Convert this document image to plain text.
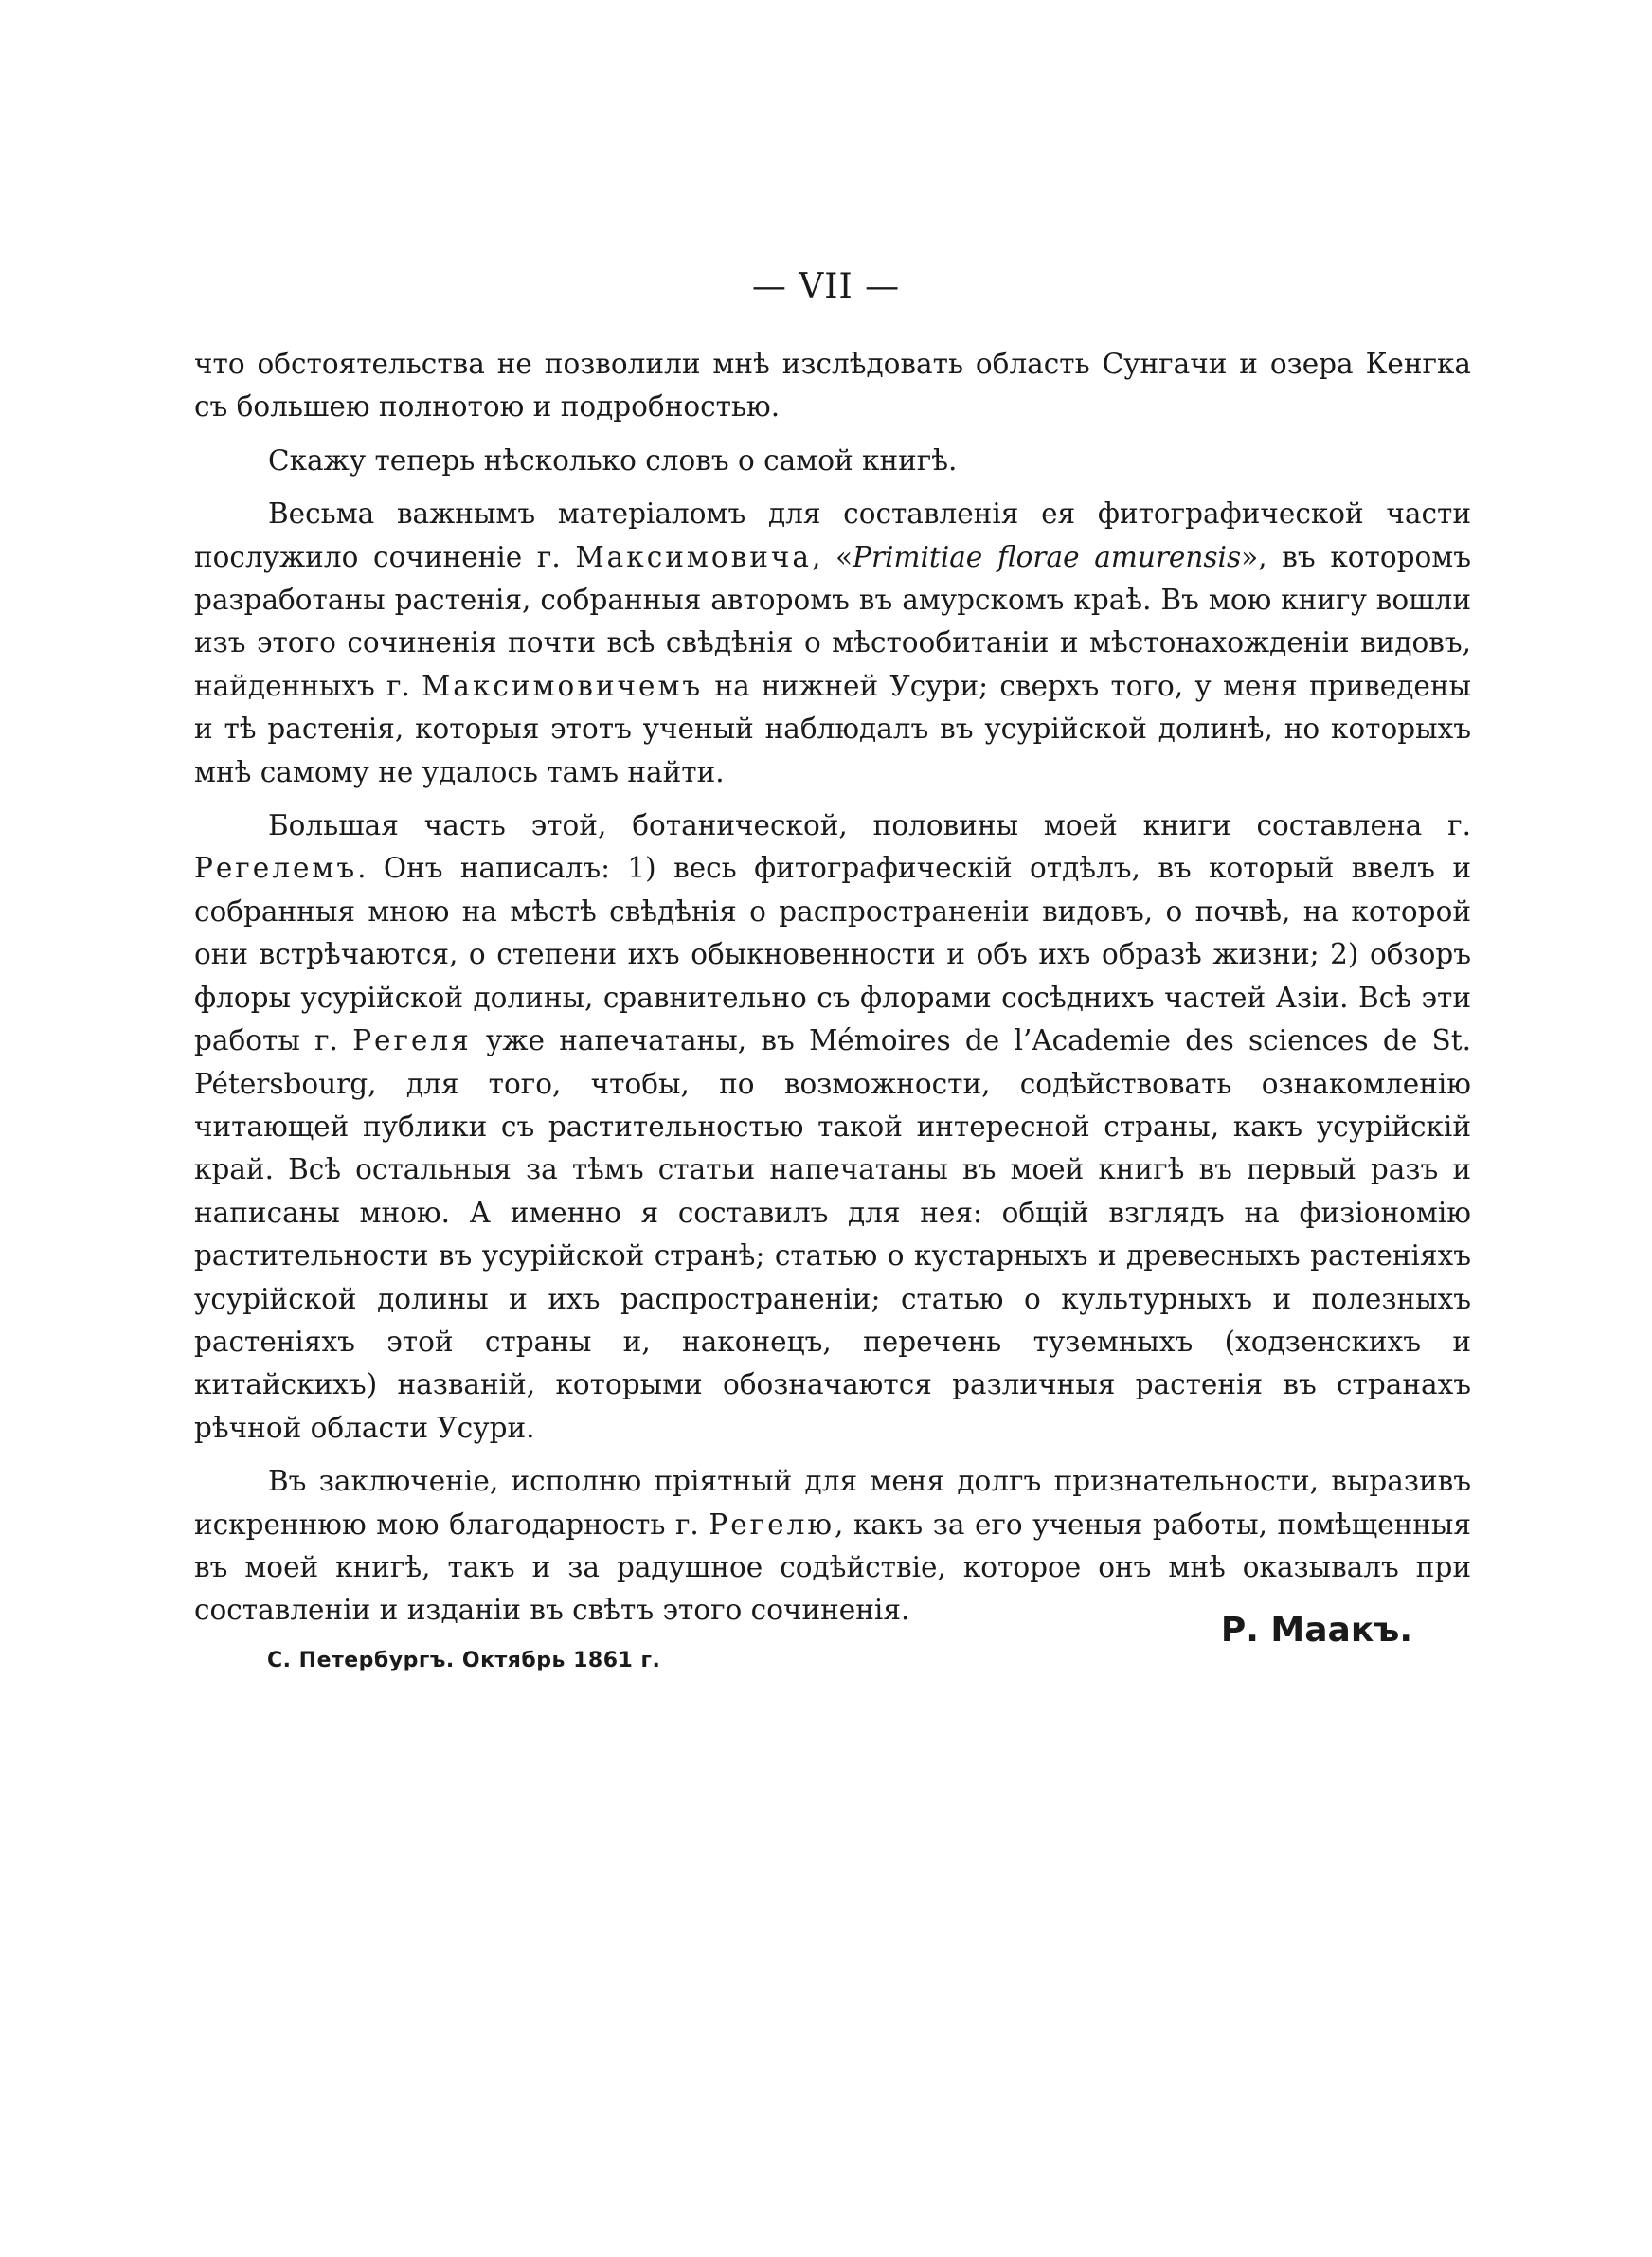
— VII —

что обстоятельства не позволили мнѣ изслѣдовать область Сунгачи и озера Кенгка съ большею полнотою и подробностью.

Скажу теперь нѣсколько словъ о самой книгѣ.

Весьма важнымъ матеріаломъ для составленія ея фитографической части послужило сочиненіе г. Максимовича, «Primitiae florae amurensis», въ которомъ разработаны растенія, собранныя авторомъ въ амурскомъ краѣ. Въ мою книгу вошли изъ этого сочиненія почти всѣ свѣдѣнія о мѣстообитаніи и мѣстонахожденіи видовъ, найденныхъ г. Максимовичемъ на нижней Усури; сверхъ того, у меня приведены и тѣ растенія, которыя этотъ ученый наблюдалъ въ усурійской долинѣ, но которыхъ мнѣ самому не удалось тамъ найти.

Большая часть этой, ботанической, половины моей книги составлена г. Регелемъ. Онъ написалъ: 1) весь фитографическій отдѣлъ, въ который ввелъ и собранныя мною на мѣстѣ свѣдѣнія о распространеніи видовъ, о почвѣ, на которой они встрѣчаются, о степени ихъ обыкновенности и объ ихъ образѣ жизни; 2) обзоръ флоры усурійской долины, сравнительно съ флорами сосѣднихъ частей Азіи. Всѣ эти работы г. Регеля уже напечатаны, въ Mémoires de l’Academie des sciences de St. Pétersbourg, для того, чтобы, по возможности, содѣйствовать ознакомленію читающей публики съ растительностью такой интересной страны, какъ усурійскій край. Всѣ остальныя за тѣмъ статьи напечатаны въ моей книгѣ въ первый разъ и написаны мною. А именно я составилъ для нея: общій взглядъ на физіономію растительности въ усурійской странѣ; статью о кустарныхъ и древесныхъ растеніяхъ усурійской долины и ихъ распространеніи; статью о культурныхъ и полезныхъ растеніяхъ этой страны и, наконецъ, перечень туземныхъ (ходзенскихъ и китайскихъ) названій, которыми обозначаются различныя растенія въ странахъ рѣчной области Усури.

Въ заключеніе, исполню пріятный для меня долгъ признательности, выразивъ искреннюю мою благодарность г. Регелю, какъ за его ученыя работы, помѣщенныя въ моей книгѣ, такъ и за радушное содѣйствіе, которое онъ мнѣ оказывалъ при составленіи и изданіи въ свѣтъ этого сочиненія.

Р. Маакъ.
С. Петербургъ. Октябрь 1861 г.
